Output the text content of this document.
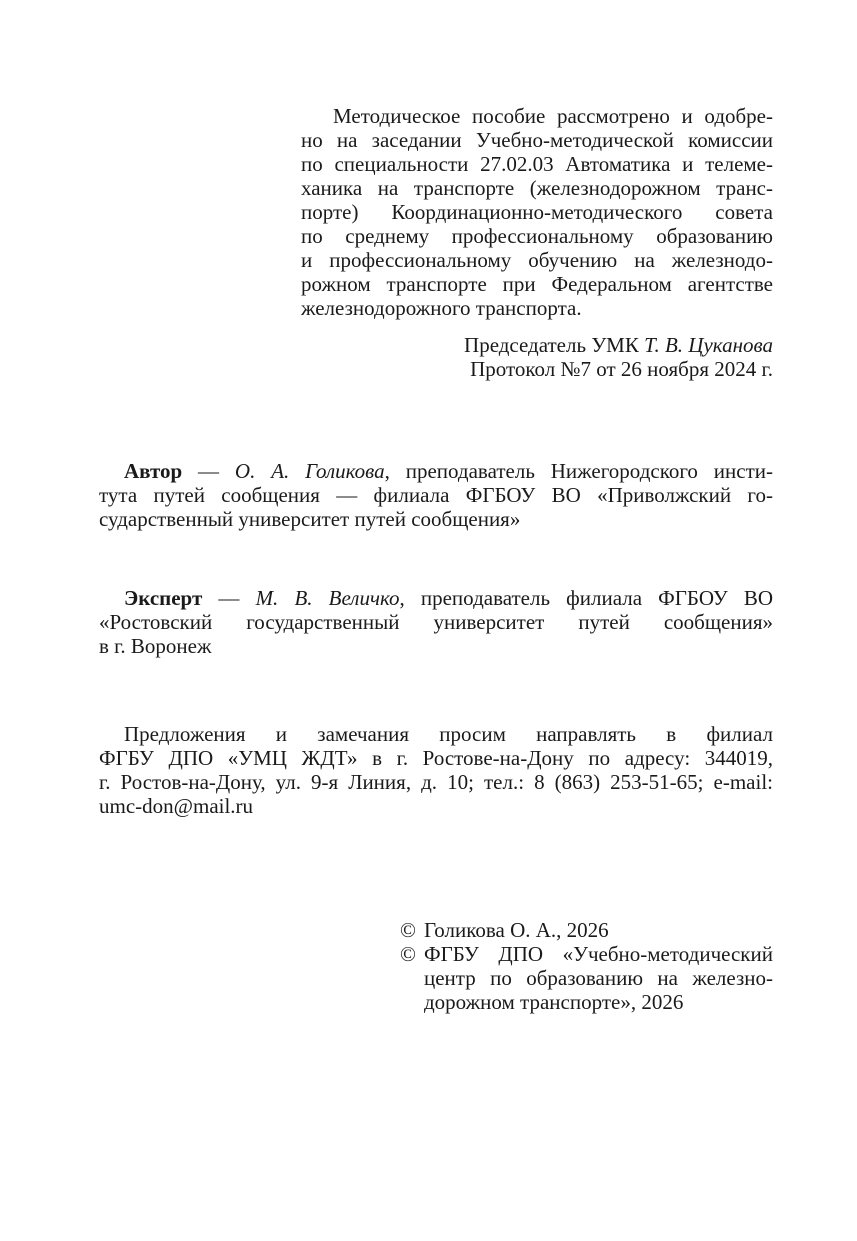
Методическое пособие рассмотрено и одобре-
но на заседании Учебно-методической комиссии
по специальности 27.02.03 Автоматика и телеме-
ханика на транспорте (железнодорожном транс-
порте) Координационно-методического совета
по среднему профессиональному образованию
и профессиональному обучению на железнодо-
рожном транспорте при Федеральном агентстве
железнодорожного транспорта.
Председатель УМК Т. В. Цуканова
Протокол №7 от 26 ноября 2024 г.
Автор — О. А. Голикова, преподаватель Нижегородского инсти-
тута путей сообщения — филиала ФГБОУ ВО «Приволжский го-
сударственный университет путей сообщения»
Эксперт — М. В. Величко, преподаватель филиала ФГБОУ ВО
«Ростовский государственный университет путей сообщения»
в г. Воронеж
Предложения и замечания просим направлять в филиал
ФГБУ ДПО «УМЦ ЖДТ» в г. Ростове-на-Дону по адресу: 344019,
г. Ростов-на-Дону, ул. 9-я Линия, д. 10; тел.: 8 (863) 253-51-65; e-mail:
umc-don@mail.ru
© Голикова О. А., 2026
© ФГБУ ДПО «Учебно-методический
центр по образованию на железно-
дорожном транспорте», 2026
